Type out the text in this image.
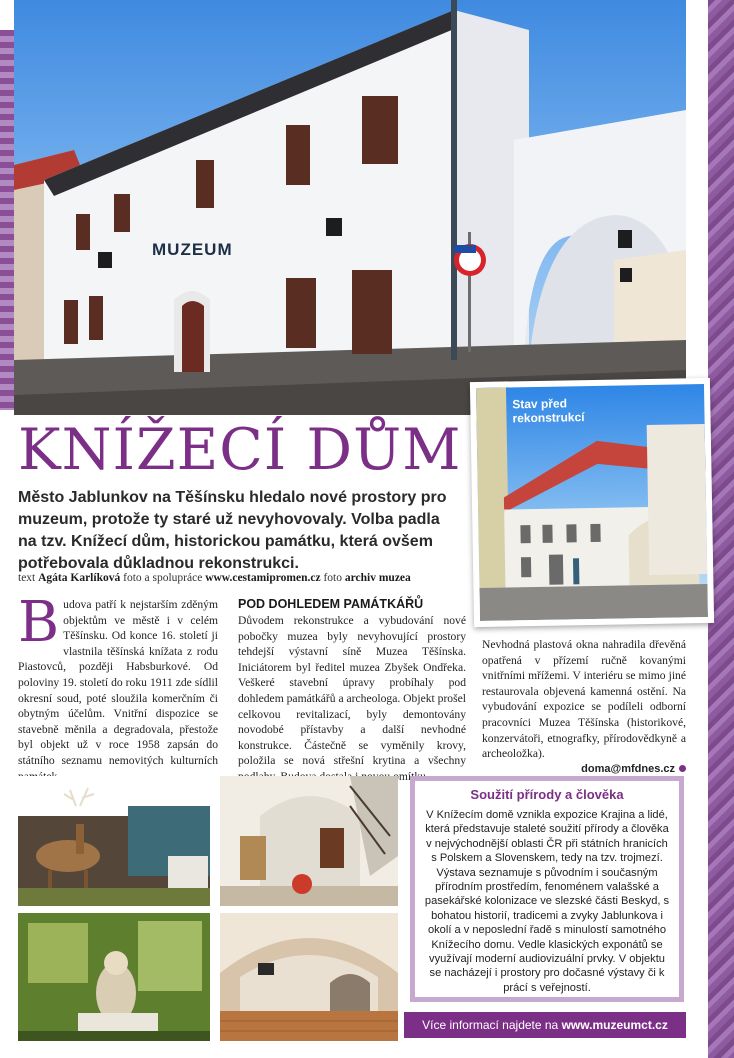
MUZEUM
Stav před rekonstrukcí
KNÍŽECÍ DŮM

Město Jablunkov na Těšínsku hledalo nové prostory pro
muzeum, protože ty staré už nevyhovovaly. Volba padla
na tzv. Knížecí dům, historickou památku, která ovšem
potřebovala důkladnou rekonstrukci.

text Agáta Karlíková foto a spolupráce www.cestamipromen.cz foto archiv muzea

Budova patří k nejstarším zděným objektům ve městě i v celém Těšínsku. Od konce 16. století ji vlastnila těšínská knížata z rodu Piastovců, později Habsburkové. Od poloviny 19. století do roku 1911 zde sídlil okresní soud, poté sloužila komerčním či obytným účelům. Vnitřní dispozice se stavebně měnila a degradovala, přestože byl objekt už v roce 1958 zapsán do státního seznamu nemovitých kulturních

POD DOHLEDEM PAMÁTKÁŘŮ
Důvodem rekonstrukce a vybudování nové pobočky muzea byly nevyhovující prostory tehdejší výstavní síně Muzea Těšínska. Iniciátorem byl ředitel muzea Zbyšek Ondřeka. Veškeré stavební úpravy probíhaly pod dohledem památkářů a archeologa. Objekt prošel celkovou revitalizací, byly demontovány novodobé přístavby a další nevhodné konstrukce. Částečně se vyměnily krovy, položila se nová střešní krytina a všechny
Nevhodná plastová okna nahradila dřevěná opatřená v přízemí ručně kovanými vnitřními mřížemi. V interiéru se mimo jiné restaurovala objevená kamenná ostění. Na vybudování expozice se podíleli odborní pracovníci Muzea Těšínska (historikové, konzervátoři, etnografky, přírodovědkyně a archeoložka).
doma@mfdnes.cz
Soužití přírody a člověka
V Knížecím domě vznikla expozice Krajina a lidé, která představuje staleté soužití přírody a člověka v nejvýchodnější oblasti ČR při státních hranicích s Polskem a Slovenskem, tedy na tzv. trojmezí. Výstava seznamuje s původním i současným přírodním prostředím, fenoménem valašské a pasekářské kolonizace ve slezské části Beskyd, s bohatou historií, tradicemi a zvyky Jablunkova i okolí a v neposlední řadě s minulostí samotného Knížecího domu. Vedle klasických exponátů se využívají moderní audiovizuální prvky. V objektu se nacházejí i prostory pro dočasné výstavy či k prácí s veřejností.
Více informací najdete na www.muzeumct.cz
